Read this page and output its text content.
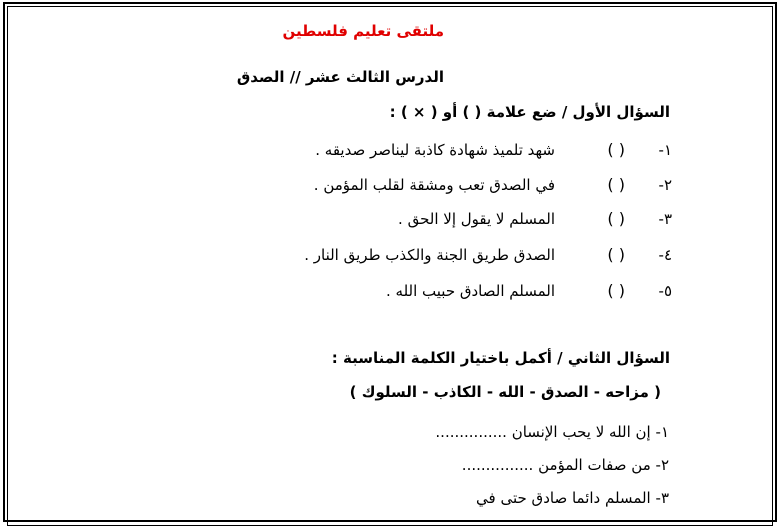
ملتقى تعليم فلسطين
الدرس الثالث عشر // الصدق
السؤال الأول / ضع علامة ( ) أو ( × ) :
١-
( )
شهد تلميذ شهادة كاذبة ليناصر صديقه .
٢-
( )
في الصدق تعب ومشقة لقلب المؤمن .
٣-
( )
المسلم لا يقول إلا الحق .
٤-
( )
الصدق طريق الجنة والكذب طريق النار .
٥-
( )
المسلم الصادق حبيب الله .
السؤال الثاني / أكمل باختيار الكلمة المناسبة :
( مزاحه - الصدق - الله - الكاذب - السلوك )
١- إن الله لا يحب الإنسان ...............
٢- من صفات المؤمن ...............
٣- المسلم دائما صادق حتى في
